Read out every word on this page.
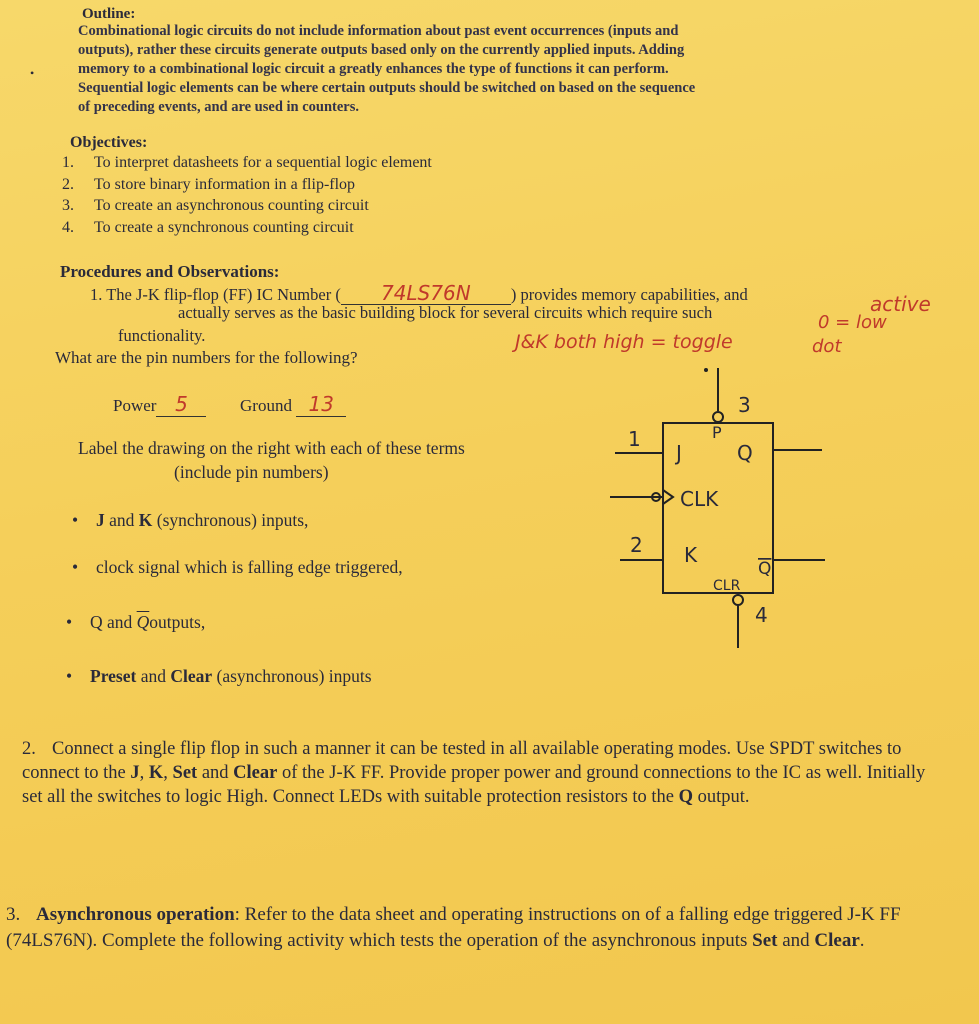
Outline:
Combinational logic circuits do not include information about past event occurrences (inputs and
outputs), rather these circuits generate outputs based only on the currently applied inputs. Adding
memory to a combinational logic circuit a greatly enhances the type of functions it can perform.
Sequential logic elements can be where certain outputs should be switched on based on the sequence
of preceding events, and are used in counters.
•
Objectives:
1. To interpret datasheets for a sequential logic element
2. To store binary information in a flip-flop
3. To create an asynchronous counting circuit
4. To create a synchronous counting circuit
Procedures and Observations:
1. The J-K flip-flop (FF) IC Number ( 74LS76N ) provides memory capabilities, and
actually serves as the basic building block for several circuits which require such
functionality.
What are the pin numbers for the following?
active
0 = low
dot
J&K both high = toggle
Power 5	Ground 13
Label the drawing on the right with each of these terms
(include pin numbers)
• J and K (synchronous) inputs,
• clock signal which is falling edge triggered,
• Q and $\overline{Q}outputs$,
• Preset and Clear (asynchronous) inputs
3
P
1
J	Q
CLK
2 K
Q
CLR
4
2. Connect a single flip flop in such a manner it can be tested in all available operating modes. Use SPDT switches to connect to the J, K, Set and Clear of the J-K FF. Provide proper power and ground connections to the IC as well. Initially set all the switches to logic High. Connect LEDs with suitable protection resistors to the Q output.
3. Asynchronous operation: Refer to the data sheet and operating instructions on of a falling edge triggered J-K FF (74LS76N). Complete the following activity which tests the operation of the asynchronous inputs Set and Clear.
